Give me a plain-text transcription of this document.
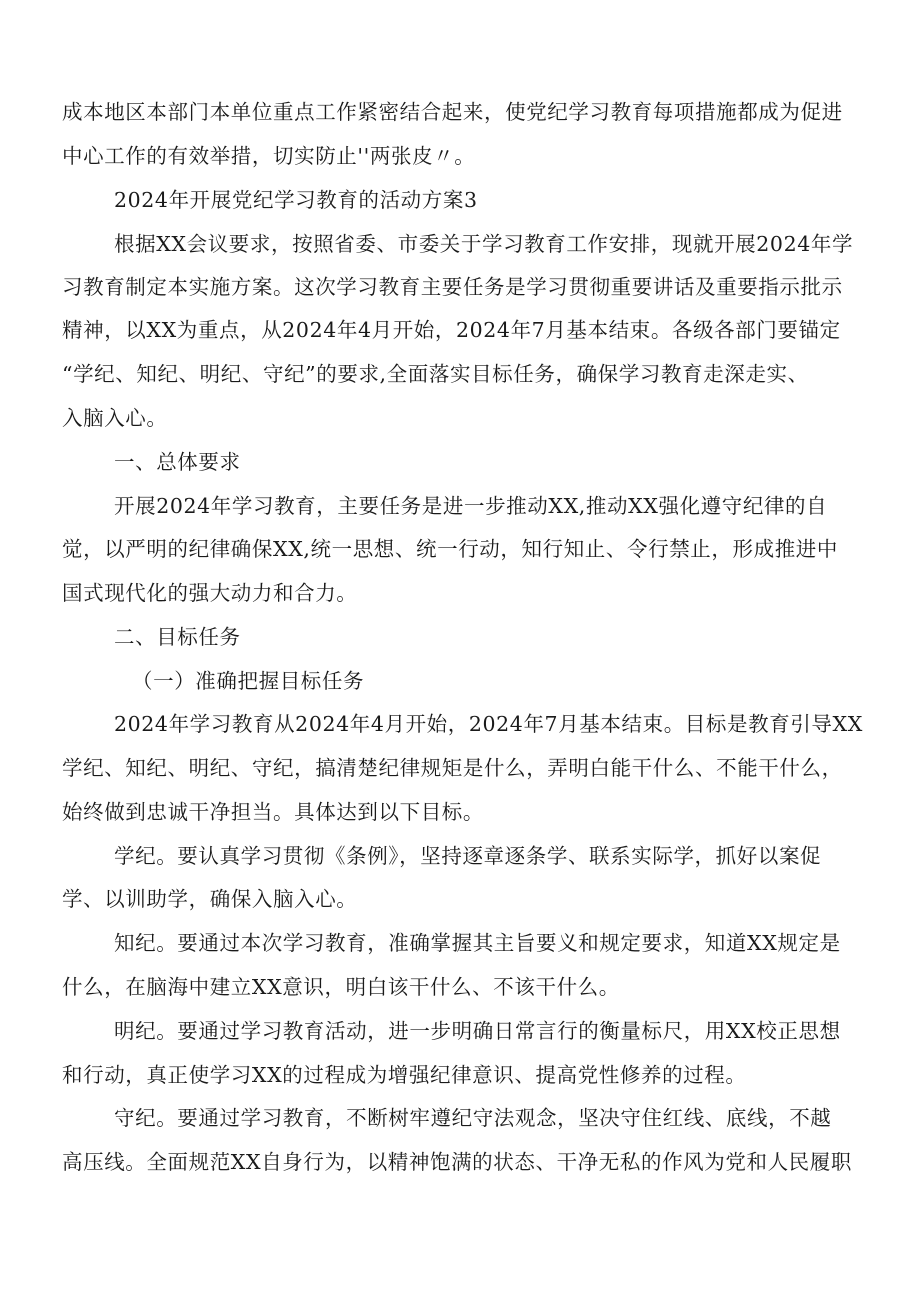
成本地区本部门本单位重点工作紧密结合起来，使党纪学习教育每项措施都成为促进
中心工作的有效举措，切实防止''两张皮〃。
2024年开展党纪学习教育的活动方案3
根据XX会议要求，按照省委、市委关于学习教育工作安排，现就开展2024年学
习教育制定本实施方案。这次学习教育主要任务是学习贯彻重要讲话及重要指示批示
精神，以XX为重点，从2024年4月开始，2024年7月基本结束。各级各部门要锚定
“学纪、知纪、明纪、守纪”的要求,全面落实目标任务，确保学习教育走深走实、
入脑入心。
一、总体要求
开展2024年学习教育，主要任务是进一步推动XX,推动XX强化遵守纪律的自
觉，以严明的纪律确保XX,统一思想、统一行动，知行知止、令行禁止，形成推进中
国式现代化的强大动力和合力。
二、目标任务
（一）准确把握目标任务
2024年学习教育从2024年4月开始，2024年7月基本结束。目标是教育引导XX
学纪、知纪、明纪、守纪，搞清楚纪律规矩是什么，弄明白能干什么、不能干什么，
始终做到忠诚干净担当。具体达到以下目标。
学纪。要认真学习贯彻《条例》，坚持逐章逐条学、联系实际学，抓好以案促
学、以训助学，确保入脑入心。
知纪。要通过本次学习教育，准确掌握其主旨要义和规定要求，知道XX规定是
什么，在脑海中建立XX意识，明白该干什么、不该干什么。
明纪。要通过学习教育活动，进一步明确日常言行的衡量标尺，用XX校正思想
和行动，真正使学习XX的过程成为增强纪律意识、提高党性修养的过程。
守纪。要通过学习教育，不断树牢遵纪守法观念，坚决守住红线、底线，不越
高压线。全面规范XX自身行为，以精神饱满的状态、干净无私的作风为党和人民履职
